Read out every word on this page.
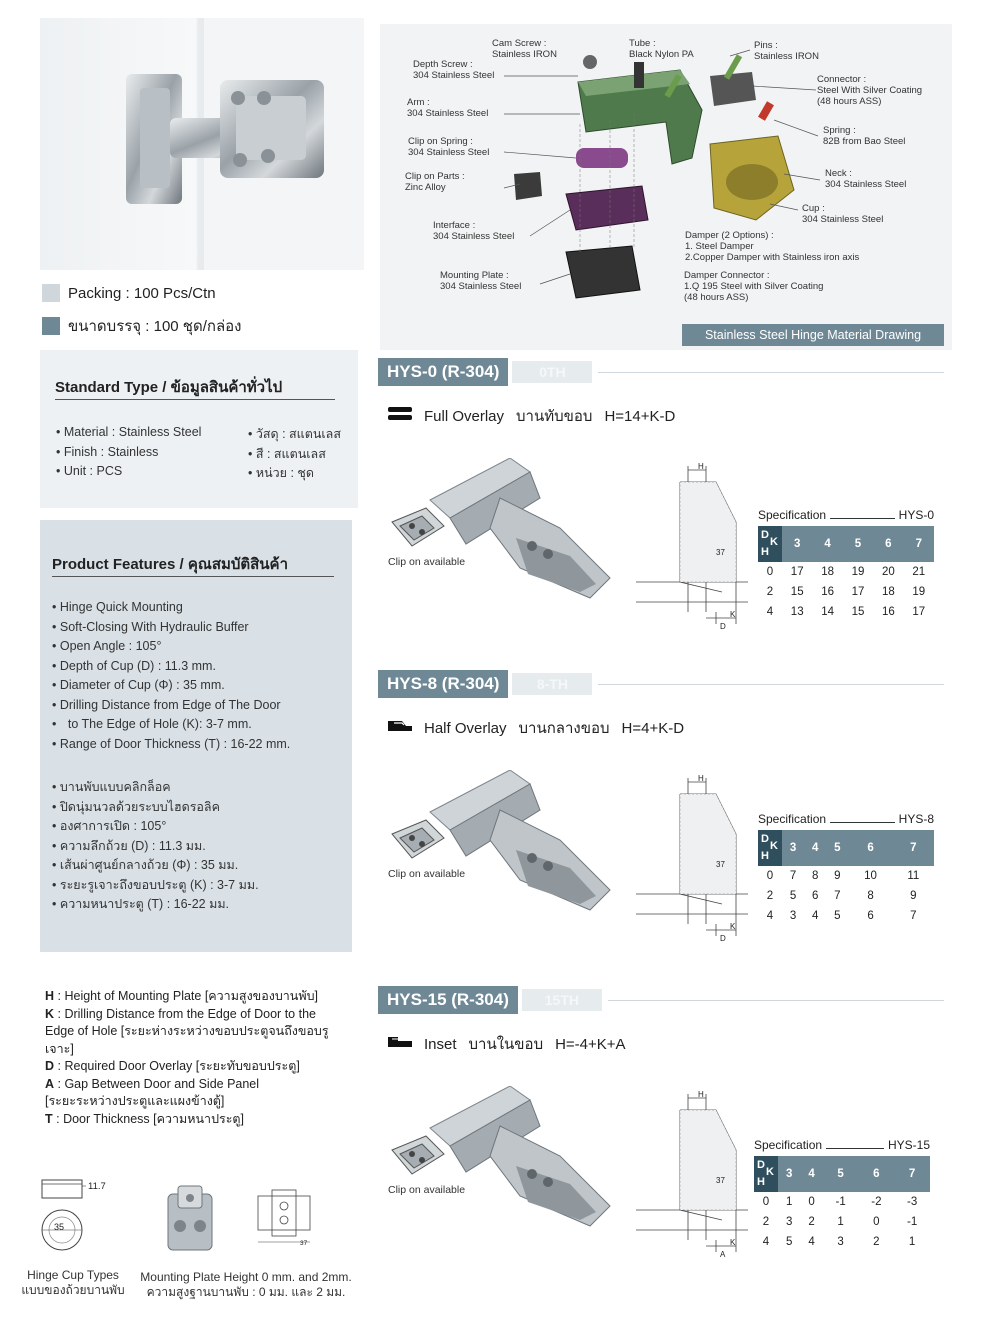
Packing : 100 Pcs/Ctn
ขนาดบรรจุ : 100 ชุด/กล่อง
Standard Type / ข้อมูลสินค้าทั่วไป
• Material : Stainless Steel
• Finish : Stainless
• Unit : PCS
• วัสดุ : สแตนเลส
• สี : สแตนเลส
• หน่วย : ชุด
Product Features / คุณสมบัติสินค้า
• Hinge Quick Mounting
• Soft-Closing With Hydraulic Buffer
• Open Angle : 105°
• Depth of Cup (D) : 11.3 mm.
• Diameter of Cup (Φ) : 35 mm.
• Drilling Distance from Edge of The Door
• to The Edge of Hole (K): 3-7 mm.
• Range of Door Thickness (T) : 16-22 mm.
• บานพับแบบคลิกล็อค
• ปิดนุ่มนวลด้วยระบบไฮดรอลิค
• องศาการเปิด : 105°
• ความลึกถ้วย (D) : 11.3 มม.
• เส้นผ่าศูนย์กลางถ้วย (Φ) : 35 มม.
• ระยะรูเจาะถึงขอบประตู (K) : 3-7 มม.
• ความหนาประตู (T) : 16-22 มม.
H : Height of Mounting Plate [ความสูงของบานพับ]
K : Drilling Distance from the Edge of Door to the
Edge of Hole [ระยะห่างระหว่างขอบประตูจนถึงขอบรูเจาะ]
D : Required Door Overlay [ระยะทับขอบประตู]
A : Gap Between Door and Side Panel
[ระยะระหว่างประตูและแผงข้างตู้]
T : Door Thickness [ความหนาประตู]
11.7
35
37
Hinge Cup Types
แบบของถ้วยบานพับ
Mounting Plate Height 0 mm. and 2mm.
ความสูงฐานบานพับ : 0 มม. และ 2 มม.
Cam Screw :
Stainless IRON
Tube :
Black Nylon PA
Pins :
Stainless IRON
Depth Screw :
304 Stainless Steel	Connector :
Steel With Silver Coating
(48 hours ASS)
Arm :
304 Stainless Steel
Spring :
82B from Bao Steel
Clip on Spring :
304 Stainless Steel
Neck :
304 Stainless Steel
Clip on Parts :
Zinc Alloy
Cup :
304 Stainless Steel
Interface :
304 Stainless Steel	Damper (2 Options) :
1. Steel Damper
2.Copper Damper with Stainless iron axis
Damper Connector :
1.Q 195 Steel with Silver Coating
(48 hours ASS)
Mounting Plate :
304 Stainless Steel
Stainless Steel Hinge Material Drawing
HYS-0 (R-304)	0TH
Full Overlay บานทับขอบ H=14+K-D
Clip on available
H
37
K
D
Specification	HYS-0
D
K
H	3	4	5	6	7
0	17	18	19	20	21
2	15	16	17	18	19
4	13	14	15	16	17
HYS-8 (R-304)	8-TH
Half Overlay บานกลางขอบ H=4+K-D
Clip on available
H
37
K
D
Specification	HYS-8
D
K
H	3	4	5	6	7
0	7	8	9	10	11
2	5	6	7	8	9
4	3	4	5	6	7
HYS-15 (R-304)	15TH
Inset บานในขอบ H=-4+K+A
Clip on available
H
37
K
A
Specification	HYS-15
D
K
H	3	4	5	6	7
0	1	0	-1	-2	-3
2	3	2	1	0	-1
4	5	4	3	2	1
